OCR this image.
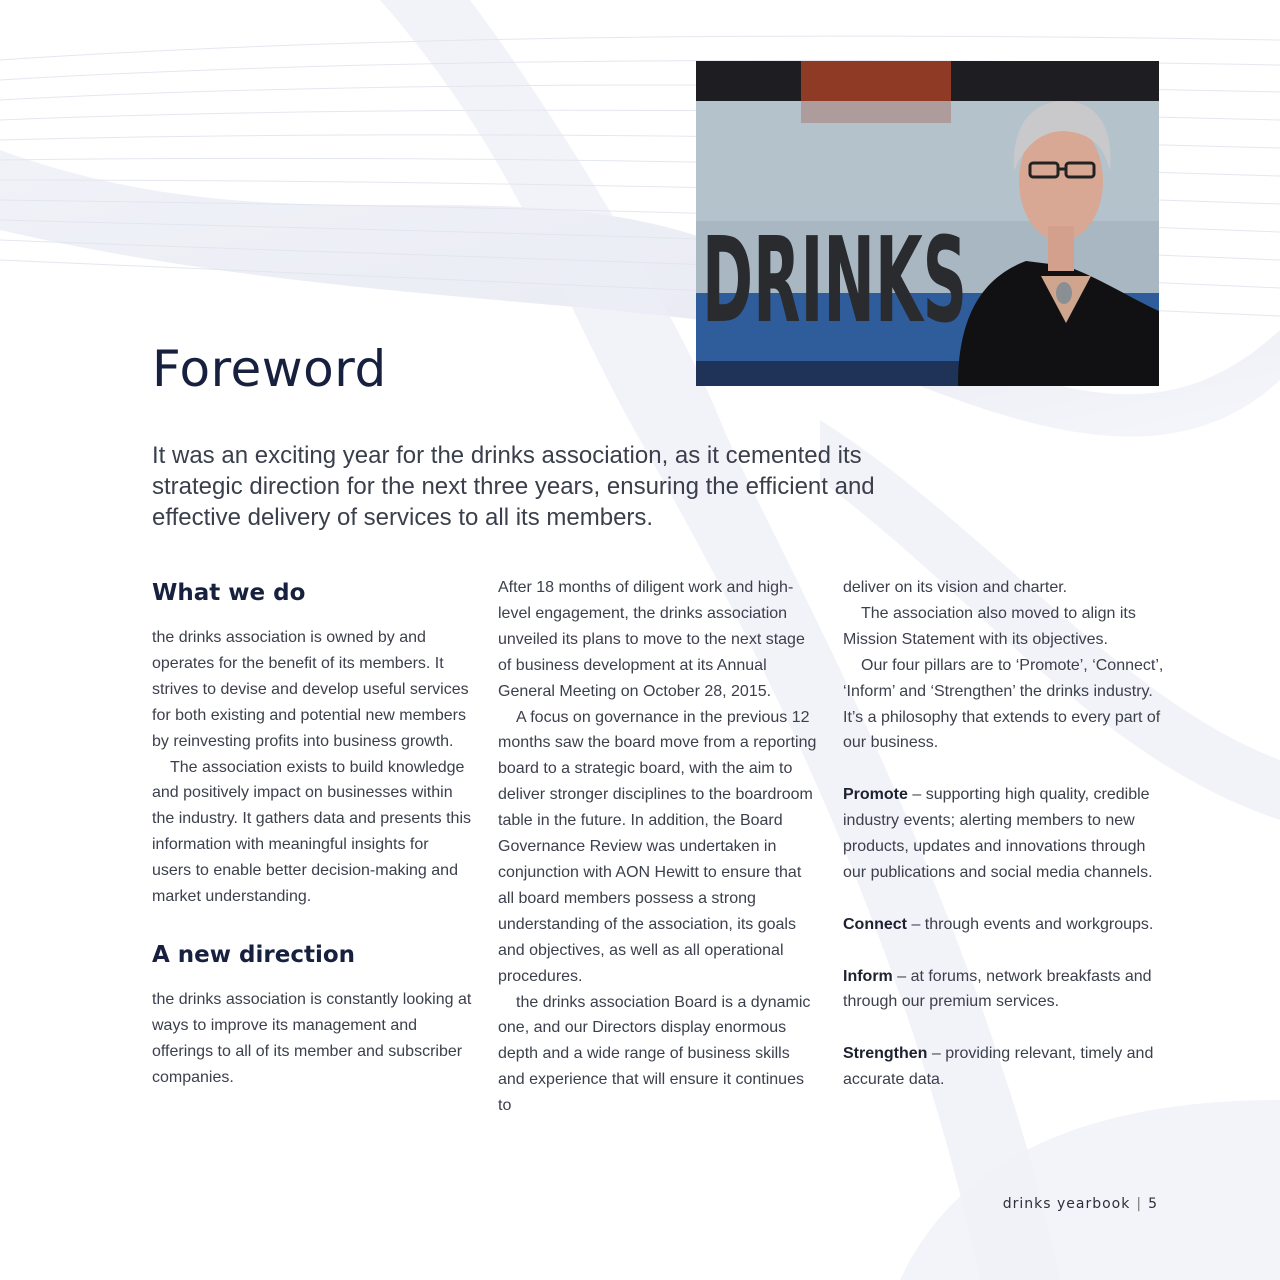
DRINKS
Foreword

It was an exciting year for the drinks association, as it cemented its strategic direction for the next three years, ensuring the efficient and effective delivery of services to all its members.

What we do

the drinks association is owned by and operates for the benefit of its members. It strives to devise and develop useful services for both existing and potential new members by reinvesting profits into business growth.

The association exists to build knowledge and positively impact on businesses within the industry. It gathers data and presents this information with meaningful insights for users to enable better decision-making and market understanding.

A new direction

the drinks association is constantly looking at ways to improve its management and offerings to all of its member and subscriber companies.

After 18 months of diligent work and high-level engagement, the drinks association unveiled its plans to move to the next stage of business development at its Annual General Meeting on October 28, 2015.

A focus on governance in the previous 12 months saw the board move from a reporting board to a strategic board, with the aim to deliver stronger disciplines to the boardroom table in the future. In addition, the Board Governance Review was undertaken in conjunction with AON Hewitt to ensure that all board members possess a strong understanding of the association, its goals and objectives, as well as all operational procedures.

the drinks association Board is a dynamic one, and our Directors display enormous depth and a wide range of business skills and experience that will ensure it continues to

deliver on its vision and charter.

The association also moved to align its Mission Statement with its objectives.

Our four pillars are to ‘Promote’, ‘Connect’, ‘Inform’ and ‘Strengthen’ the drinks industry. It’s a philosophy that extends to every part of our business.

Promote – supporting high quality, credible industry events; alerting members to new products, updates and innovations through our publications and social media channels.

Connect – through events and workgroups.

Inform – at forums, network breakfasts and through our premium services.

Strengthen – providing relevant, timely and accurate data.

drinks yearbook | 5
